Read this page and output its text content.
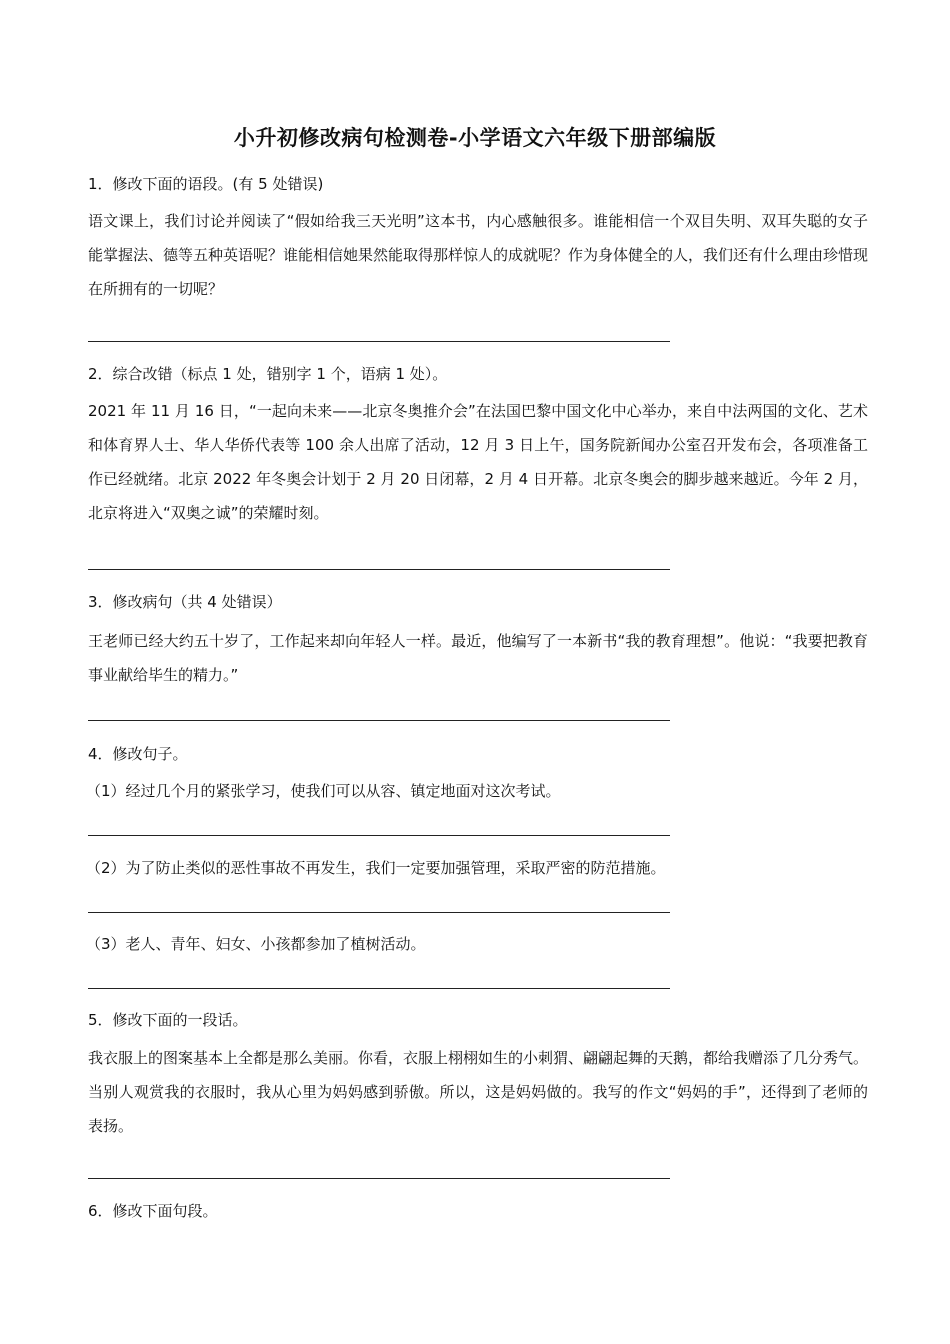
小升初修改病句检测卷-小学语文六年级下册部编版
1．修改下面的语段。(有 5 处错误)
语文课上，我们讨论并阅读了“假如给我三天光明”这本书，内心感触很多。谁能相信一个双目失明、双耳失聪的女子能掌握法、德等五种英语呢？谁能相信她果然能取得那样惊人的成就呢？作为身体健全的人，我们还有什么理由珍惜现在所拥有的一切呢？
2．综合改错（标点 1 处，错别字 1 个，语病 1 处）。
2021 年 11 月 16 日，“一起向未来——北京冬奥推介会”在法国巴黎中国文化中心举办，来自中法两国的文化、艺术和体育界人士、华人华侨代表等 100 余人出席了活动，12 月 3 日上午，国务院新闻办公室召开发布会，各项准备工作已经就绪。北京 2022 年冬奥会计划于 2 月 20 日闭幕，2 月 4 日开幕。北京冬奥会的脚步越来越近。今年 2 月，北京将进入“双奥之诚”的荣耀时刻。
3．修改病句（共 4 处错误）
王老师已经大约五十岁了，工作起来却向年轻人一样。最近，他编写了一本新书“我的教育理想”。他说：“我要把教育事业献给毕生的精力。”
4．修改句子。
（1）经过几个月的紧张学习，使我们可以从容、镇定地面对这次考试。
（2）为了防止类似的恶性事故不再发生，我们一定要加强管理，采取严密的防范措施。
（3）老人、青年、妇女、小孩都参加了植树活动。
5．修改下面的一段话。
我衣服上的图案基本上全都是那么美丽。你看，衣服上栩栩如生的小刺猬、翩翩起舞的天鹅，都给我赠添了几分秀气。当别人观赏我的衣服时，我从心里为妈妈感到骄傲。所以，这是妈妈做的。我写的作文“妈妈的手”，还得到了老师的表扬。
6．修改下面句段。
